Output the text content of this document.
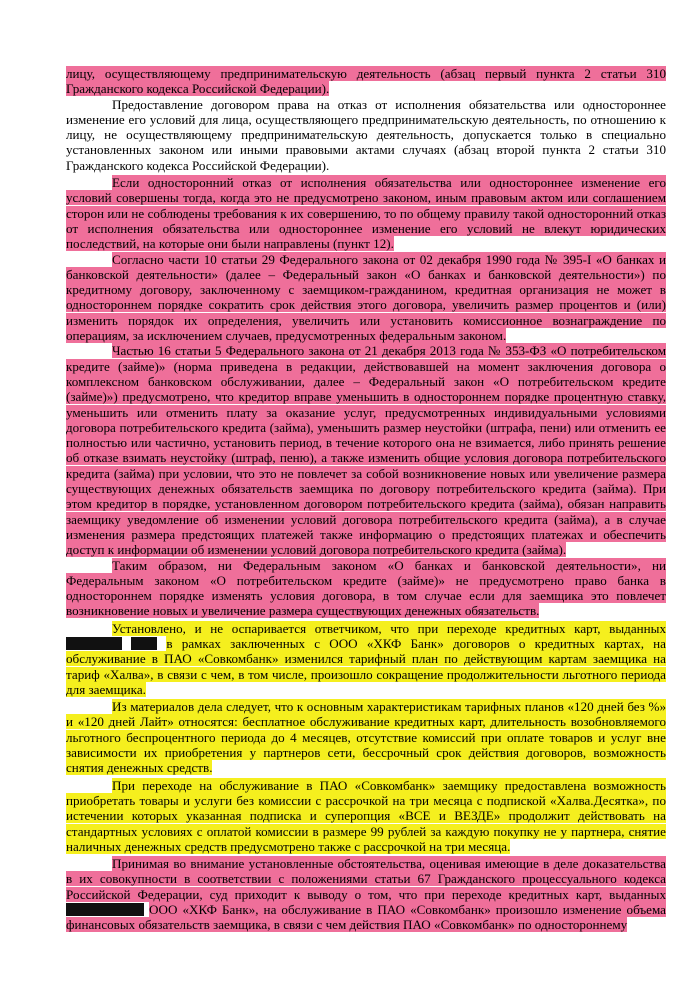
лицу, осуществляющему предпринимательскую деятельность (абзац первый пункта 2 статьи 310 Гражданского кодекса Российской Федерации).

Предоставление договором права на отказ от исполнения обязательства или одностороннее изменение его условий для лица, осуществляющего предпринимательскую деятельность, по отношению к лицу, не осуществляющему предпринимательскую деятельность, допускается только в специально установленных законом или иными правовыми актами случаях (абзац второй пункта 2 статьи 310 Гражданского кодекса Российской Федерации).

Если односторонний отказ от исполнения обязательства или одностороннее изменение его условий совершены тогда, когда это не предусмотрено законом, иным правовым актом или соглашением сторон или не соблюдены требования к их совершению, то по общему правилу такой односторонний отказ от исполнения обязательства или одностороннее изменение его условий не влекут юридических последствий, на которые они были направлены (пункт 12).

Согласно части 10 статьи 29 Федерального закона от 02 декабря 1990 года № 395-I «О банках и банковской деятельности» (далее – Федеральный закон «О банках и банковской деятельности») по кредитному договору, заключенному с заемщиком-гражданином, кредитная организация не может в одностороннем порядке сократить срок действия этого договора, увеличить размер процентов и (или) изменить порядок их определения, увеличить или установить комиссионное вознаграждение по операциям, за исключением случаев, предусмотренных федеральным законом.

Частью 16 статьи 5 Федерального закона от 21 декабря 2013 года № 353-ФЗ «О потребительском кредите (займе)» (норма приведена в редакции, действовавшей на момент заключения договора о комплексном банковском обслуживании, далее – Федеральный закон «О потребительском кредите (займе)») предусмотрено, что кредитор вправе уменьшить в одностороннем порядке процентную ставку, уменьшить или отменить плату за оказание услуг, предусмотренных индивидуальными условиями договора потребительского кредита (займа), уменьшить размер неустойки (штрафа, пени) или отменить ее полностью или частично, установить период, в течение которого она не взимается, либо принять решение об отказе взимать неустойку (штраф, пеню), а также изменить общие условия договора потребительского кредита (займа) при условии, что это не повлечет за собой возникновение новых или увеличение размера существующих денежных обязательств заемщика по договору потребительского кредита (займа). При этом кредитор в порядке, установленном договором потребительского кредита (займа), обязан направить заемщику уведомление об изменении условий договора потребительского кредита (займа), а в случае изменения размера предстоящих платежей также информацию о предстоящих платежах и обеспечить доступ к информации об изменении условий договора потребительского кредита (займа).

Таким образом, ни Федеральным законом «О банках и банковской деятельности», ни Федеральным законом «О потребительском кредите (займе)» не предусмотрено право банка в одностороннем порядке изменять условия договора, в том случае если для заемщика это повлечет возникновение новых и увеличение размера существующих денежных обязательств.

Установлено, и не оспаривается ответчиком, что при переходе кредитных карт, выданных   в рамках заключенных с ООО «ХКФ Банк» договоров о кредитных картах, на обслуживание в ПАО «Совкомбанк» изменился тарифный план по действующим картам заемщика на тариф «Халва», в связи с чем, в том числе, произошло сокращение продолжительности льготного периода для заемщика.

Из материалов дела следует, что к основным характеристикам тарифных планов «120 дней без %» и «120 дней Лайт» относятся: бесплатное обслуживание кредитных карт, длительность возобновляемого льготного беспроцентного периода до 4 месяцев, отсутствие комиссий при оплате товаров и услуг вне зависимости их приобретения у партнеров сети, бессрочный срок действия договоров, возможность снятия денежных средств.

При переходе на обслуживание в ПАО «Совкомбанк» заемщику предоставлена возможность приобретать товары и услуги без комиссии с рассрочкой на три месяца с подпиской «Халва.Десятка», по истечении которых указанная подписка и суперопция «ВСЕ и ВЕЗДЕ» продолжит действовать на стандартных условиях с оплатой комиссии в размере 99 рублей за каждую покупку не у партнера, снятие наличных денежных средств предусмотрено также с рассрочкой на три месяца.

Принимая во внимание установленные обстоятельства, оценивая имеющие в деле доказательства в их совокупности в соответствии с положениями статьи 67 Гражданского процессуального кодекса Российской Федерации, суд приходит к выводу о том, что при переходе кредитных карт, выданных  ООО «ХКФ Банк», на обслуживание в ПАО «Совкомбанк» произошло изменение объема финансовых обязательств заемщика, в связи с чем действия ПАО «Совкомбанк» по одностороннему
